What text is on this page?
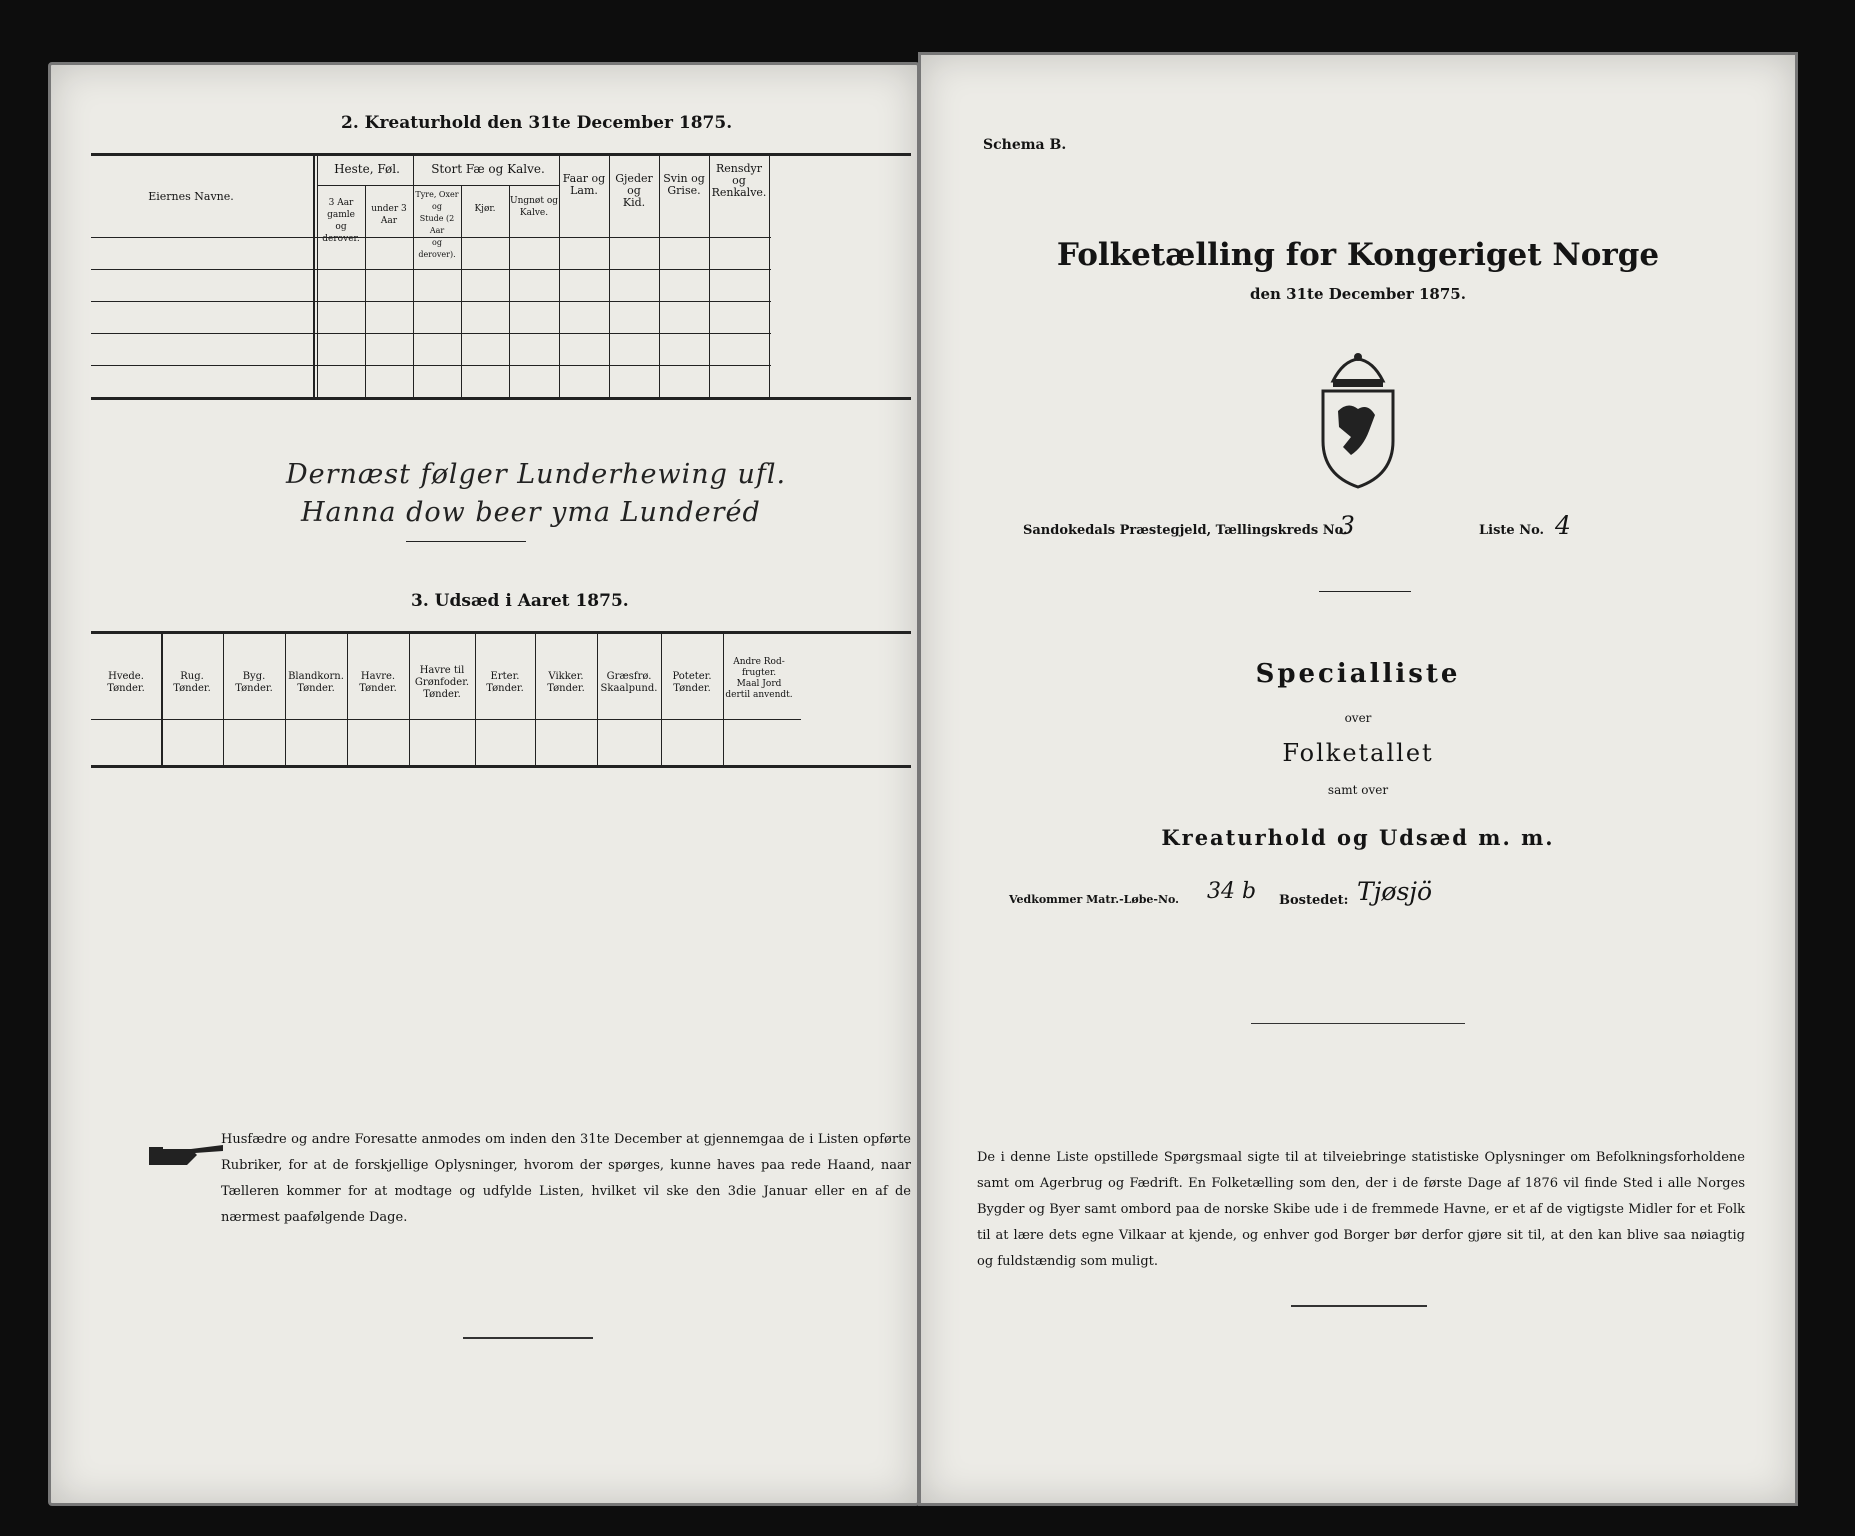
2. Kreaturhold den 31te December 1875.
Eiernes Navne.
Heste, Føl.	Stort Fæ og Kalve.
3 Aar gamle
og derover.
under 3 Aar
Tyre, Oxer og
Stude (2 Aar
og derover).
Kjør.
Ungnøt og
Kalve.
Faar og
Lam.
Gjeder og
Kid.
Svin og
Grise.
Rensdyr
og
Renkalve.
Dernæst følger Lunderhewing ufl.
Hanna dow beer yma Lunderéd
3. Udsæd i Aaret 1875.
Hvede.
Tønder.
Rug.
Tønder.
Byg.
Tønder.
Blandkorn.
Tønder.
Havre.
Tønder.
Havre til
Grønfoder.
Tønder.
Erter.
Tønder.
Vikker.
Tønder.
Græsfrø.
Skaalpund.
Poteter.
Tønder.
Andre Rod-
frugter.
Maal Jord
dertil anvendt.
Husfædre og andre Foresatte anmodes om inden den 31te December at gjennemgaa de i Listen opførte Rubriker, for at de forskjellige Oplysninger, hvorom der spørges, kunne haves paa rede Haand, naar Tælleren kommer for at modtage og udfylde Listen, hvilket vil ske den 3die Januar eller en af de nærmest paafølgende Dage.
Schema B.
Folketælling for Kongeriget Norge
den 31te December 1875.
Sandokedals Præstegjeld, Tællingskreds No.
3	Liste No. 4
Specialliste
over
Folketallet
samt over
Kreaturhold og Udsæd m. m.
Vedkommer Matr.-Løbe-No. 34 b Bostedet: Tjøsjö
De i denne Liste opstillede Spørgsmaal sigte til at tilveiebringe statistiske Oplysninger om Befolkningsforholdene samt om Agerbrug og Fædrift. En Folketælling som den, der i de første Dage af 1876 vil finde Sted i alle Norges Bygder og Byer samt ombord paa de norske Skibe ude i de fremmede Havne, er et af de vigtigste Midler for et Folk til at lære dets egne Vilkaar at kjende, og enhver god Borger bør derfor gjøre sit til, at den kan blive saa nøiagtig og fuldstændig som muligt.
